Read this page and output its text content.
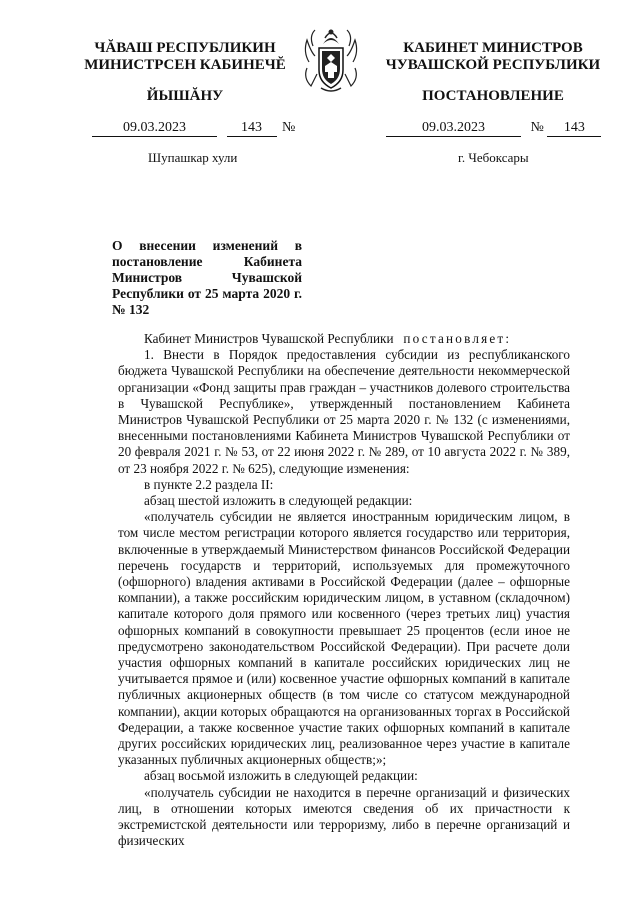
ЧĂВАШ РЕСПУБЛИКИН
МИНИСТРСЕН КАБИНЕЧĔ
ЙЫШĂНУ
КАБИНЕТ МИНИСТРОВ
ЧУВАШСКОЙ РЕСПУБЛИКИ
ПОСТАНОВЛЕНИЕ
09.03.2023	143 №	09.03.2023	№ 143
Шупашкар хули	г. Чебоксары
О внесении изменений в постановление Кабинета Министров Чувашской Республики от 25 марта 2020 г. № 132

Кабинет Министров Чувашской Республики постановляет:

1. Внести в Порядок предоставления субсидии из республиканского бюджета Чувашской Республики на обеспечение деятельности некоммерческой организации «Фонд защиты прав граждан – участников долевого строительства в Чувашской Республике», утвержденный постановлением Кабинета Министров Чувашской Республики от 25 марта 2020 г. № 132 (с изменениями, внесенными постановлениями Кабинета Министров Чувашской Республики от 20 февраля 2021 г. № 53, от 22 июня 2022 г. № 289, от 10 августа 2022 г. № 389, от 23 ноября 2022 г. № 625), следующие изменения:

в пункте 2.2 раздела II:

абзац шестой изложить в следующей редакции:

«получатель субсидии не является иностранным юридическим лицом, в том числе местом регистрации которого является государство или территория, включенные в утверждаемый Министерством финансов Российской Федерации перечень государств и территорий, используемых для промежуточного (офшорного) владения активами в Российской Федерации (далее – офшорные компании), а также российским юридическим лицом, в уставном (складочном) капитале которого доля прямого или косвенного (через третьих лиц) участия офшорных компаний в совокупности превышает 25 процентов (если иное не предусмотрено законодательством Российской Федерации). При расчете доли участия офшорных компаний в капитале российских юридических лиц не учитывается прямое и (или) косвенное участие офшорных компаний в капитале публичных акционерных обществ (в том числе со статусом международной компании), акции которых обращаются на организованных торгах в Российской Федерации, а также косвенное участие таких офшорных компаний в капитале других российских юридических лиц, реализованное через участие в капитале указанных публичных акционерных обществ;»;

абзац восьмой изложить в следующей редакции:

«получатель субсидии не находится в перечне организаций и физических лиц, в отношении которых имеются сведения об их причастности к экстремистской деятельности или терроризму, либо в перечне организаций и физических
